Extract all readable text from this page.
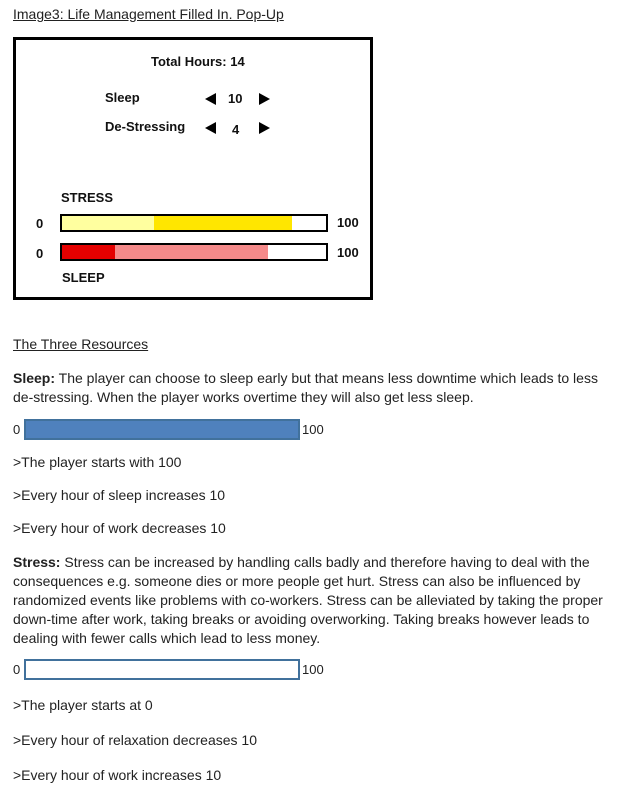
Image3: Life Management Filled In. Pop-Up
Total Hours: 14
Sleep	10
De-Stressing	4
STRESS
0	100
0	100
SLEEP
The Three Resources
Sleep: The player can choose to sleep early but that means less downtime which leads to less de-stressing. When the player works overtime they will also get less sleep.
0	100
>The player starts with 100
>Every hour of sleep increases 10
>Every hour of work decreases 10
Stress: Stress can be increased by handling calls badly and therefore having to deal with the consequences e.g. someone dies or more people get hurt. Stress can also be influenced by randomized events like problems with co-workers. Stress can be alleviated by taking the proper down-time after work, taking breaks or avoiding overworking. Taking breaks however leads to dealing with fewer calls which lead to less money.
0	100
>The player starts at 0
>Every hour of relaxation decreases 10
>Every hour of work increases 10
